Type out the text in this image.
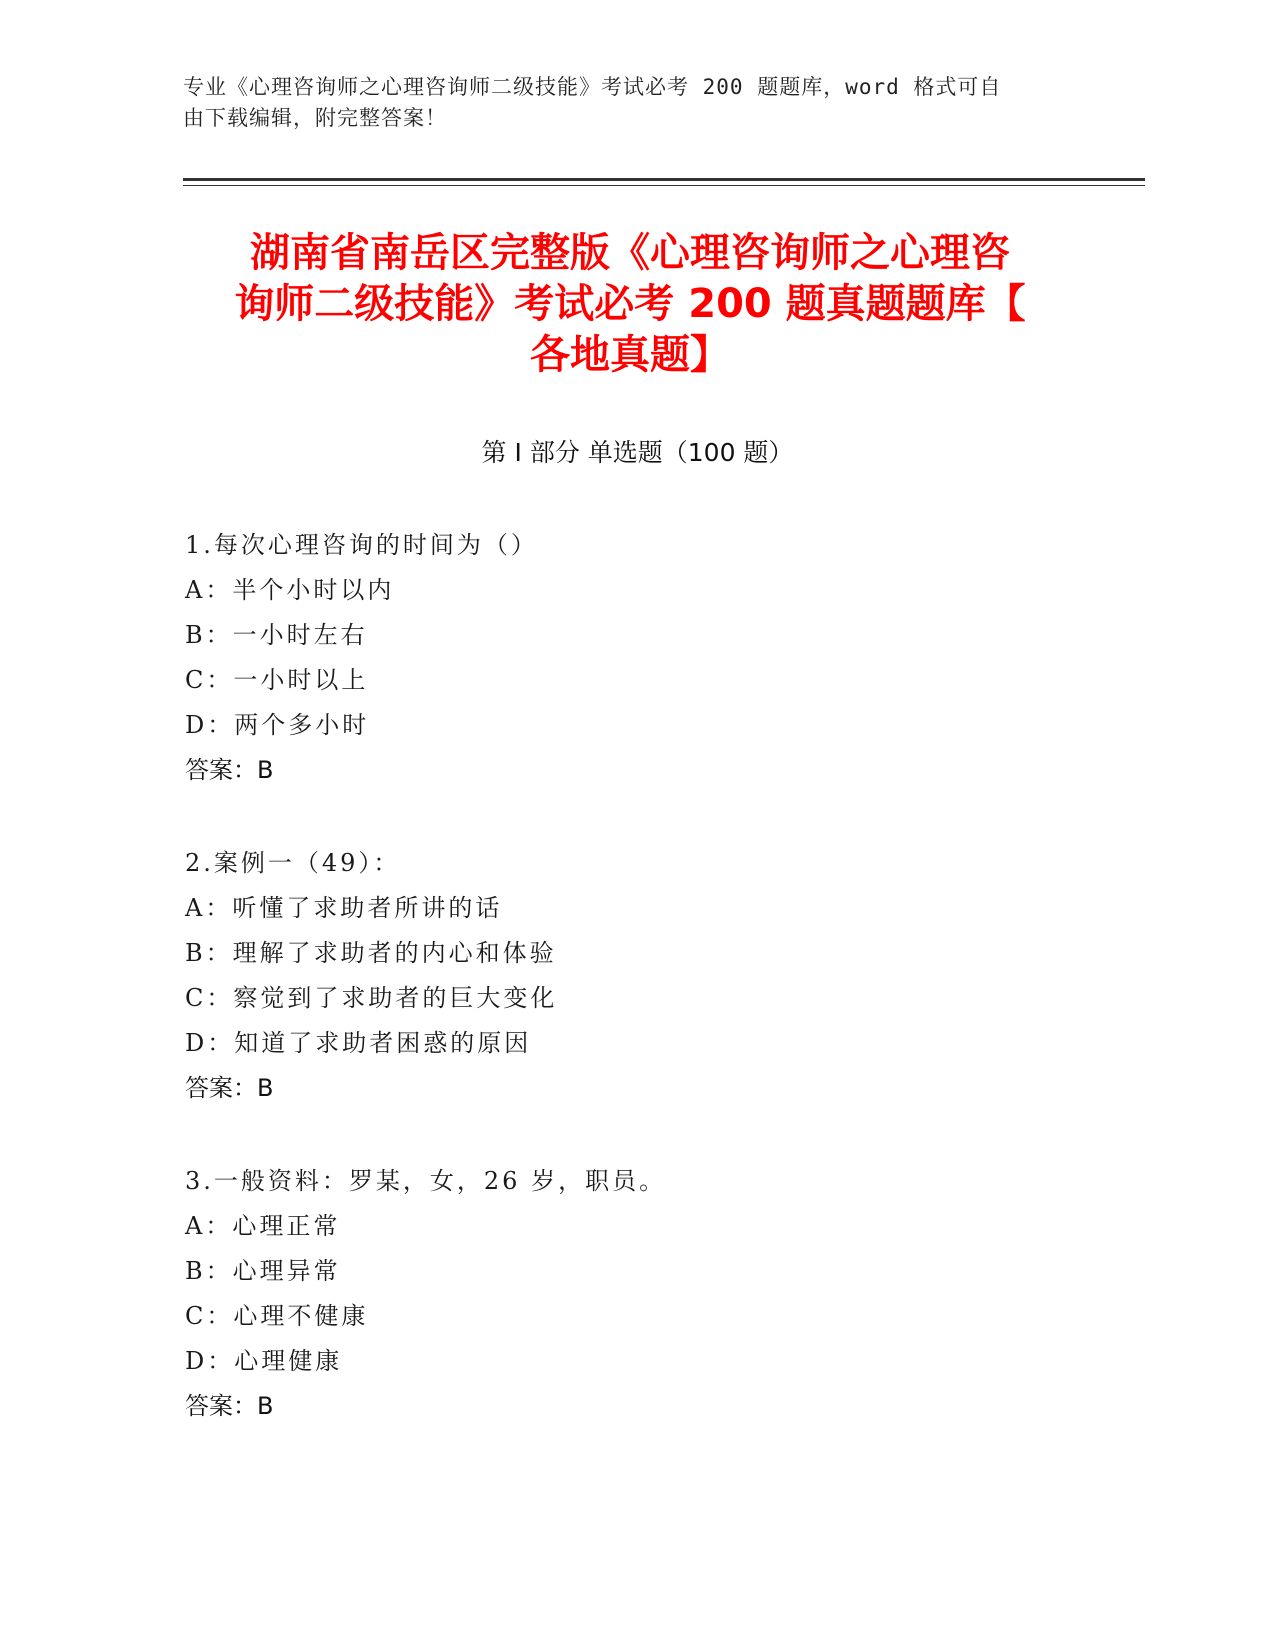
专业《心理咨询师之心理咨询师二级技能》考试必考 200 题题库，word 格式可自
由下载编辑，附完整答案！
湖南省南岳区完整版《心理咨询师之心理咨
询师二级技能》考试必考 200 题真题题库【
各地真题】
第 I 部分 单选题（100 题）
1.每次心理咨询的时间为（）
A：半个小时以内
B：一小时左右
C：一小时以上
D：两个多小时
答案：B
2.案例一（49）：
A：听懂了求助者所讲的话
B：理解了求助者的内心和体验
C：察觉到了求助者的巨大变化
D：知道了求助者困惑的原因
答案：B
3.一般资料：罗某，女，26 岁，职员。
A：心理正常
B：心理异常
C：心理不健康
D：心理健康
答案：B
